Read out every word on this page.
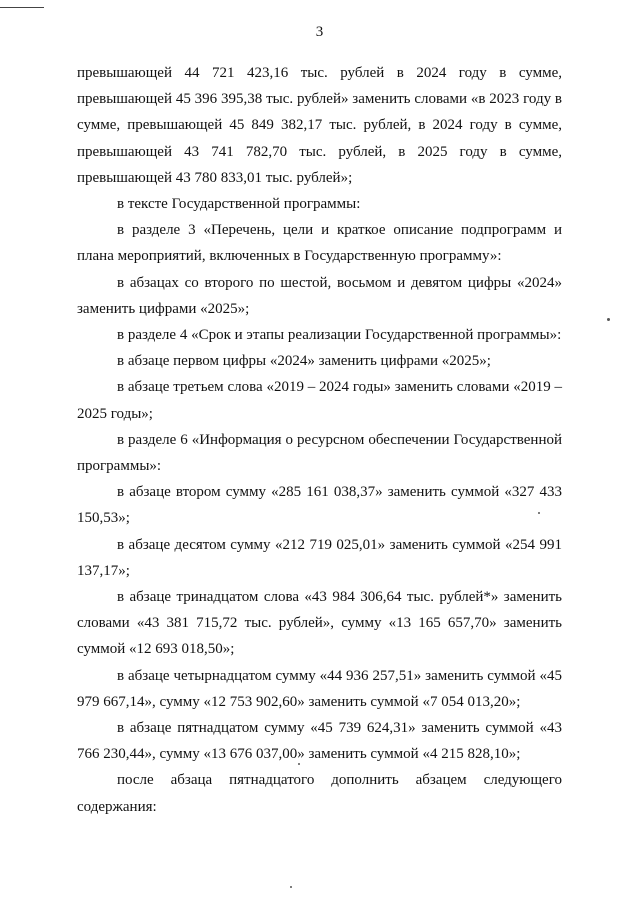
3

превышающей 44 721 423,16 тыс. рублей в 2024 году в сумме, превышающей 45 396 395,38 тыс. рублей» заменить словами «в 2023 году в сумме, превышающей 45 849 382,17 тыс. рублей, в 2024 году в сумме, превышающей 43 741 782,70 тыс. рублей, в 2025 году в сумме, превышающей 43 780 833,01 тыс. рублей»;

в тексте Государственной программы:

в разделе 3 «Перечень, цели и краткое описание подпрограмм и плана мероприятий, включенных в Государственную программу»:

в абзацах со второго по шестой, восьмом и девятом цифры «2024» заменить цифрами «2025»;

в разделе 4 «Срок и этапы реализации Государственной программы»:

в абзаце первом цифры «2024» заменить цифрами «2025»;

в абзаце третьем слова «2019 – 2024 годы» заменить словами «2019 – 2025 годы»;

в разделе 6 «Информация о ресурсном обеспечении Государственной программы»:

в абзаце втором сумму «285 161 038,37» заменить суммой «327 433 150,53»;

в абзаце десятом сумму «212 719 025,01» заменить суммой «254 991 137,17»;

в абзаце тринадцатом слова «43 984 306,64 тыс. рублей*» заменить словами «43 381 715,72 тыс. рублей», сумму «13 165 657,70» заменить суммой «12 693 018,50»;

в абзаце четырнадцатом сумму «44 936 257,51» заменить суммой «45 979 667,14», сумму «12 753 902,60» заменить суммой «7 054 013,20»;

в абзаце пятнадцатом сумму «45 739 624,31» заменить суммой «43 766 230,44», сумму «13 676 037,00» заменить суммой «4 215 828,10»;

после абзаца пятнадцатого дополнить абзацем следующего содержания:
